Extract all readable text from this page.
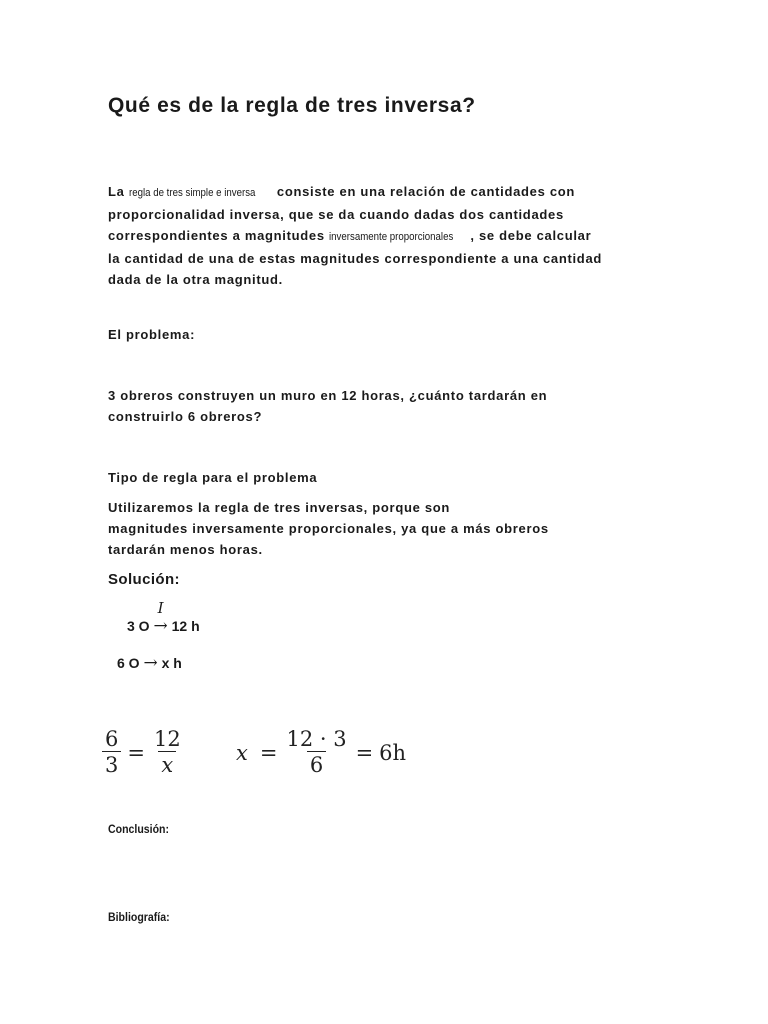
Qué es de la regla de tres inversa?
La regla de tres simple e inversa consiste en una relación de cantidades con
proporcionalidad inversa, que se da cuando dadas dos cantidades
correspondientes a magnitudes inversamente proporcionales , se debe calcular
la cantidad de una de estas magnitudes correspondiente a una cantidad
dada de la otra magnitud.
El problema:
3 obreros construyen un muro en 12 horas, ¿cuánto tardarán en
construirlo 6 obreros?
Tipo de regla para el problema
Utilizaremos la regla de tres inversas, porque son
magnitudes inversamente proporcionales, ya que a más obreros
tardarán menos horas.
Solución:
3 O
I
→ 12 h
6 O → x h
$\frac{6}{3} = \frac{12}{x}$ $x = \frac{12 \cdot 3}{6} = 6h$
Conclusión:
Bibliografía:
